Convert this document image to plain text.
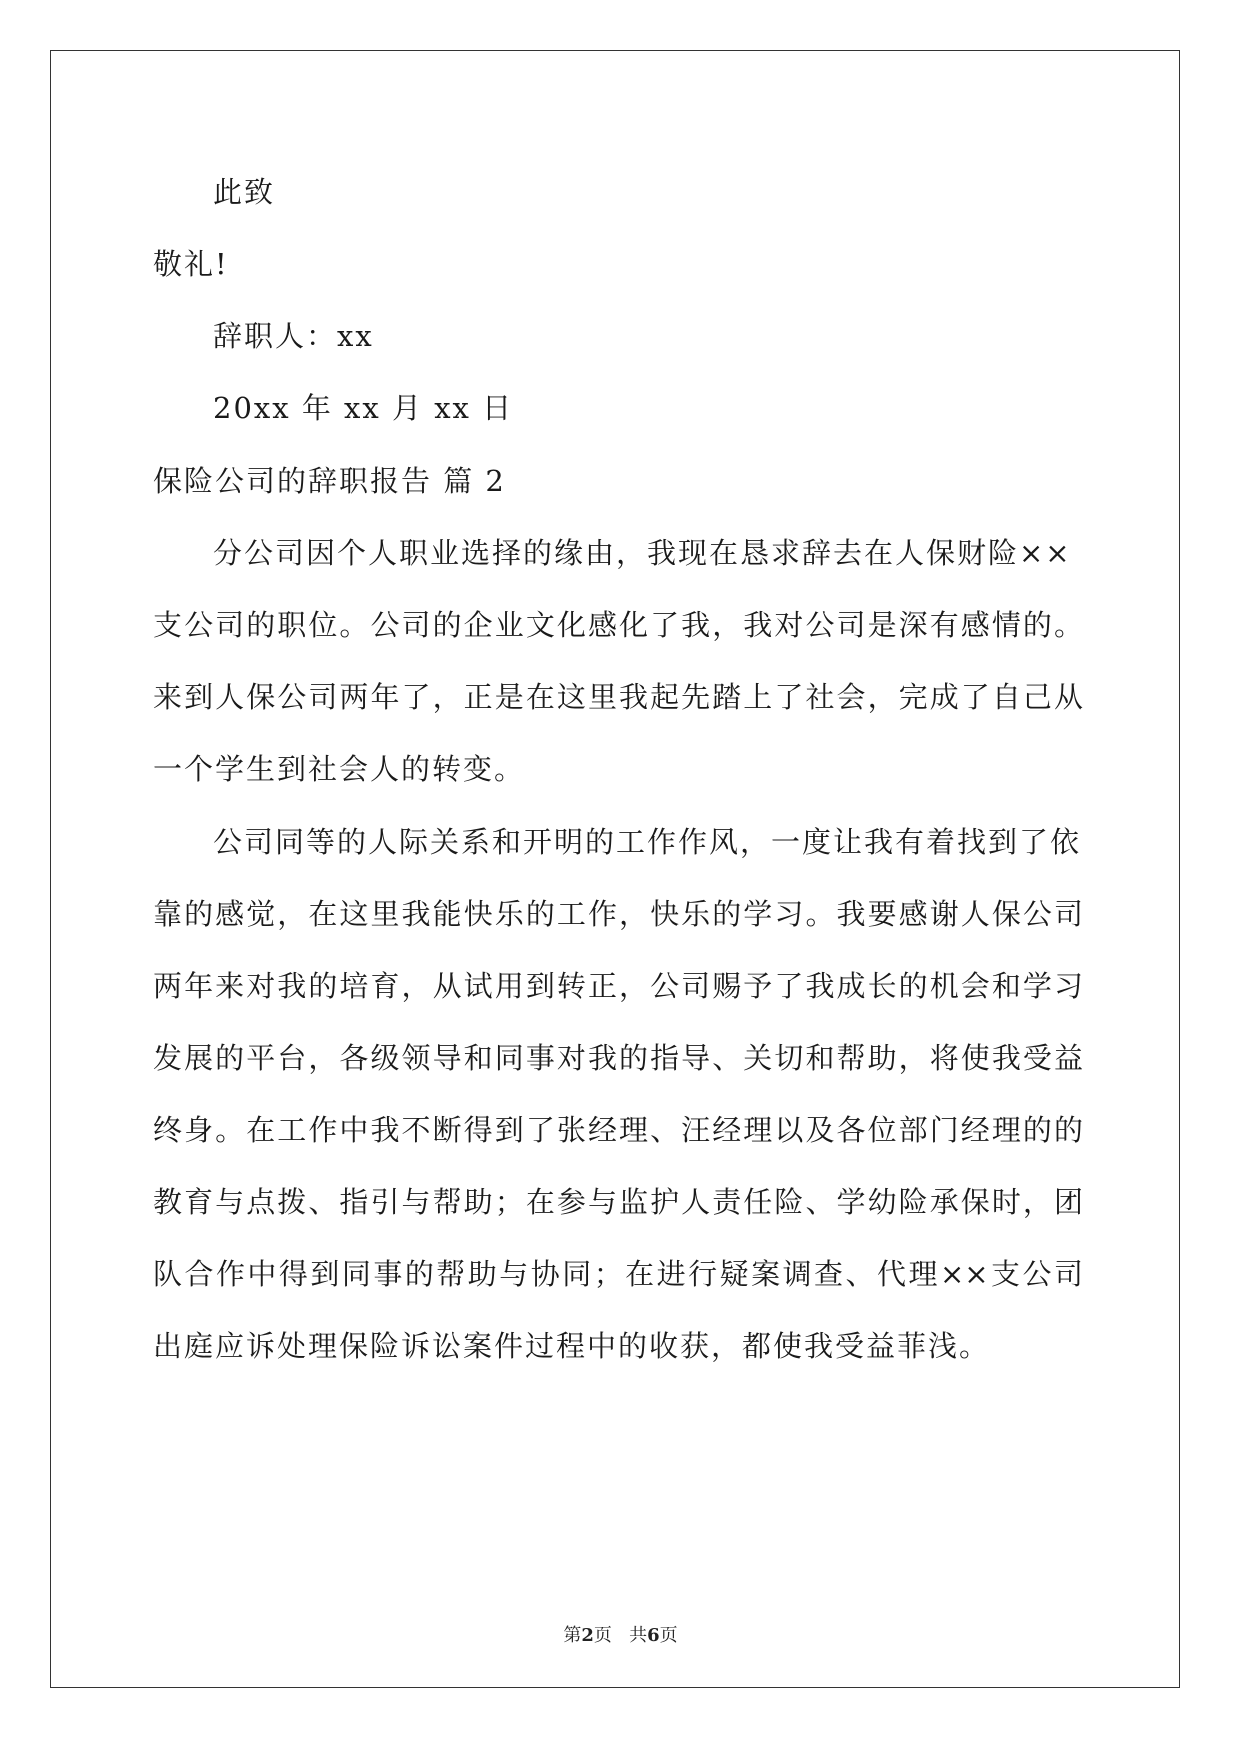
此致
敬礼!
辞职人：xx
20xx 年 xx 月 xx 日
保险公司的辞职报告 篇 2
分公司因个人职业选择的缘由，我现在恳求辞去在人保财险××
支公司的职位。公司的企业文化感化了我，我对公司是深有感情的。
来到人保公司两年了，正是在这里我起先踏上了社会，完成了自己从
一个学生到社会人的转变。
公司同等的人际关系和开明的工作作风，一度让我有着找到了依
靠的感觉，在这里我能快乐的工作，快乐的学习。我要感谢人保公司
两年来对我的培育，从试用到转正，公司赐予了我成长的机会和学习
发展的平台，各级领导和同事对我的指导、关切和帮助，将使我受益
终身。在工作中我不断得到了张经理、汪经理以及各位部门经理的的
教育与点拨、指引与帮助；在参与监护人责任险、学幼险承保时，团
队合作中得到同事的帮助与协同；在进行疑案调查、代理××支公司
出庭应诉处理保险诉讼案件过程中的收获，都使我受益菲浅。
第2页   共6页
